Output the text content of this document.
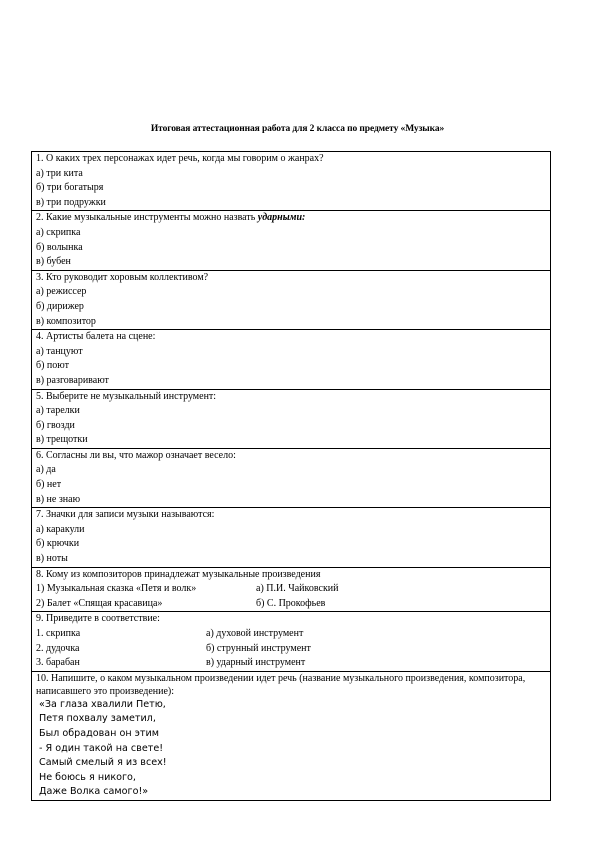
Итоговая аттестационная работа для 2 класса по предмету «Музыка»
1. О каких трех персонажах идет речь, когда мы говорим о жанрах?
а) три кита
б) три богатыря
в) три подружки
2. Какие музыкальные инструменты можно назвать ударными:
а) скрипка
б) волынка
в) бубен
3. Кто руководит хоровым коллективом?
а) режиссер
б) дирижер
в) композитор
4. Артисты балета на сцене:
а) танцуют
б) поют
в) разговаривают
5. Выберите не музыкальный инструмент:
а) тарелки
б) гвозди
в) трещотки
6. Согласны ли вы, что мажор означает весело:
а) да
б) нет
в) не знаю
7. Значки для записи музыки называются:
а) каракули
б) крючки
в) ноты
8. Кому из композиторов принадлежат музыкальные произведения
1) Музыкальная сказка «Петя и волк»	а) П.И. Чайковский
2) Балет «Спящая красавица»	б) С. Прокофьев
9. Приведите в соответствие:
1. скрипка	а) духовой инструмент
2. дудочка	б) струнный инструмент
3. барабан	в) ударный инструмент
10. Напишите, о каком музыкальном произведении идет речь (название музыкального произведения, композитора, написавшего это произведение):
«За глаза хвалили Петю,
Петя похвалу заметил,
Был обрадован он этим
- Я один такой на свете!
Самый смелый я из всех!
Не боюсь я никого,
Даже Волка самого!»
